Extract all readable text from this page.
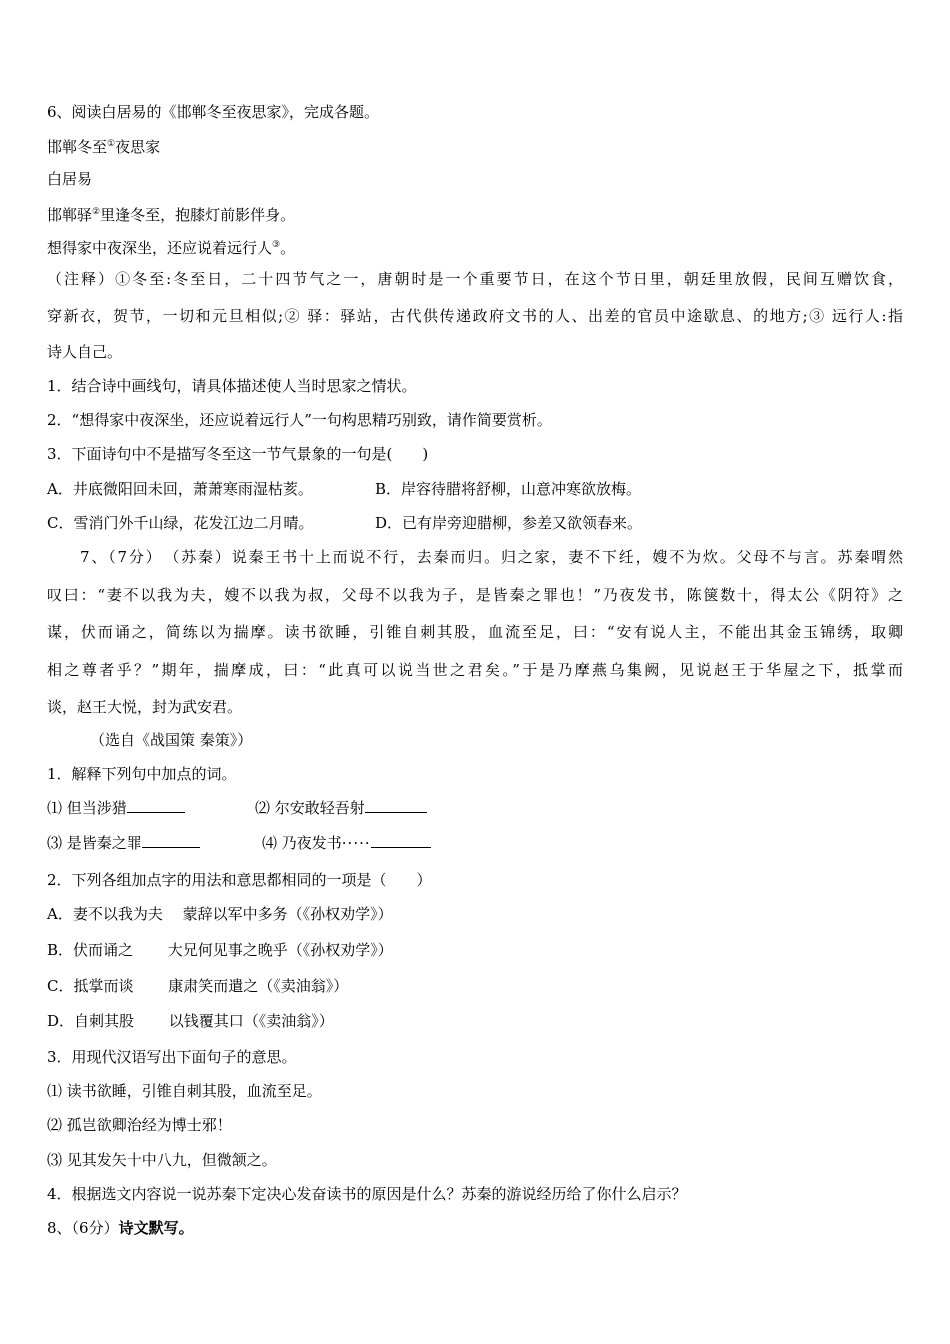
6、阅读白居易的《邯郸冬至夜思家》，完成各题。
邯郸冬至①夜思家
白居易
邯郸驿②里逢冬至，抱膝灯前影伴身。
想得家中夜深坐，还应说着远行人③。
（注释）①冬至:冬至日，二十四节气之一，唐朝时是一个重要节日，在这个节日里，朝廷里放假，民间互赠饮食，
穿新衣，贺节，一切和元旦相似;② 驿：驿站，古代供传递政府文书的人、出差的官员中途歇息、的地方;③ 远行人:指
诗人自己。
1．结合诗中画线句，请具体描述使人当时思家之情状。
2．“想得家中夜深坐，还应说着远行人”一句构思精巧别致，请作简要赏析。
3．下面诗句中不是描写冬至这一节气景象的一句是(　　)
A．井底微阳回未回，萧萧寒雨湿枯荄。	B．岸容待腊将舒柳，山意冲寒欲放梅。
C．雪消门外千山绿，花发江边二月晴。	D．已有岸旁迎腊柳，参差又欲领春来。
7、（7分）　（苏秦）说秦王书十上而说不行，去秦而归。归之家，妻不下纴，嫂不为炊。父母不与言。苏秦喟然
叹曰：“妻不以我为夫，嫂不以我为叔，父母不以我为子，是皆秦之罪也！”乃夜发书，陈箧数十，得太公《阴符》之
谋，伏而诵之，简练以为揣摩。读书欲睡，引锥自刺其股，血流至足，曰：“安有说人主，不能出其金玉锦绣，取卿
相之尊者乎？”期年，揣摩成，曰：“此真可以说当世之君矣。”于是乃摩燕乌集阙，见说赵王于华屋之下，抵掌而
谈，赵王大悦，封为武安君。
（选自《战国策 秦策》）
1．解释下列句中加点的词。
⑴ 但当涉猎	⑵ 尔安敢轻吾射
⑶ 是皆秦之罪	⑷ 乃夜发书·····
2．下列各组加点字的用法和意思都相同的一项是（　　）
A．妻不以我为夫　 蒙辞以军中多务（《孙权劝学》）
B．伏而诵之　　 大兄何见事之晚乎（《孙权劝学》）
C．抵掌而谈　　 康肃笑而遣之（《卖油翁》）
D．自刺其股　　 以钱覆其口（《卖油翁》）
3．用现代汉语写出下面句子的意思。
⑴ 读书欲睡，引锥自刺其股，血流至足。
⑵ 孤岂欲卿治经为博士邪！
⑶ 见其发矢十中八九，但微颔之。
4．根据选文内容说一说苏秦下定决心发奋读书的原因是什么？苏秦的游说经历给了你什么启示？
8、（6分）诗文默写。
